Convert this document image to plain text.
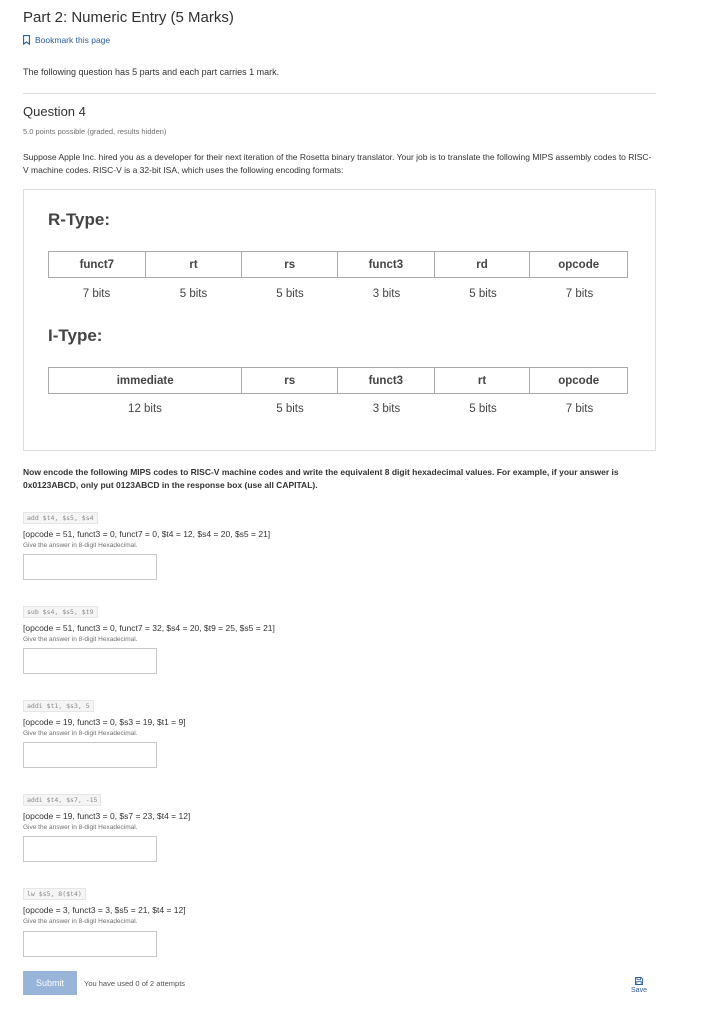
Part 2: Numeric Entry (5 Marks)
Bookmark this page
The following question has 5 parts and each part carries 1 mark.
Question 4
5.0 points possible (graded, results hidden)
Suppose Apple Inc. hired you as a developer for their next iteration of the Rosetta binary translator. Your job is to translate the following MIPS assembly codes to RISC-V machine codes. RISC-V is a 32-bit ISA, which uses the following encoding formats:
R-Type:
funct7	rt	rs	funct3	rd	opcode
7 bits	5 bits	5 bits	3 bits	5 bits	7 bits
I-Type:
immediate	rs	funct3	rt	opcode
12 bits	5 bits	3 bits	5 bits	7 bits
Now encode the following MIPS codes to RISC-V machine codes and write the equivalent 8 digit hexadecimal values. For example, if your answer is 0x0123ABCD, only put 0123ABCD in the response box (use all CAPITAL).
add $t4, $s5, $s4
[opcode = 51, funct3 = 0, funct7 = 0, $t4 = 12, $s4 = 20, $s5 = 21]
Give the answer in 8-digit Hexadecimal.
sub $s4, $s5, $t9
[opcode = 51, funct3 = 0, funct7 = 32, $s4 = 20, $t9 = 25, $s5 = 21]
Give the answer in 8-digit Hexadecimal.
addi $t1, $s3, 5
[opcode = 19, funct3 = 0, $s3 = 19, $t1 = 9]
Give the answer in 8-digit Hexadecimal.
addi $t4, $s7, -15
[opcode = 19, funct3 = 0, $s7 = 23, $t4 = 12]
Give the answer in 8-digit Hexadecimal.
lw $s5, 8($t4)
[opcode = 3, funct3 = 3, $s5 = 21, $t4 = 12]
Give the answer in 8-digit Hexadecimal.
Submit	You have used 0 of 2 attempts
Save
